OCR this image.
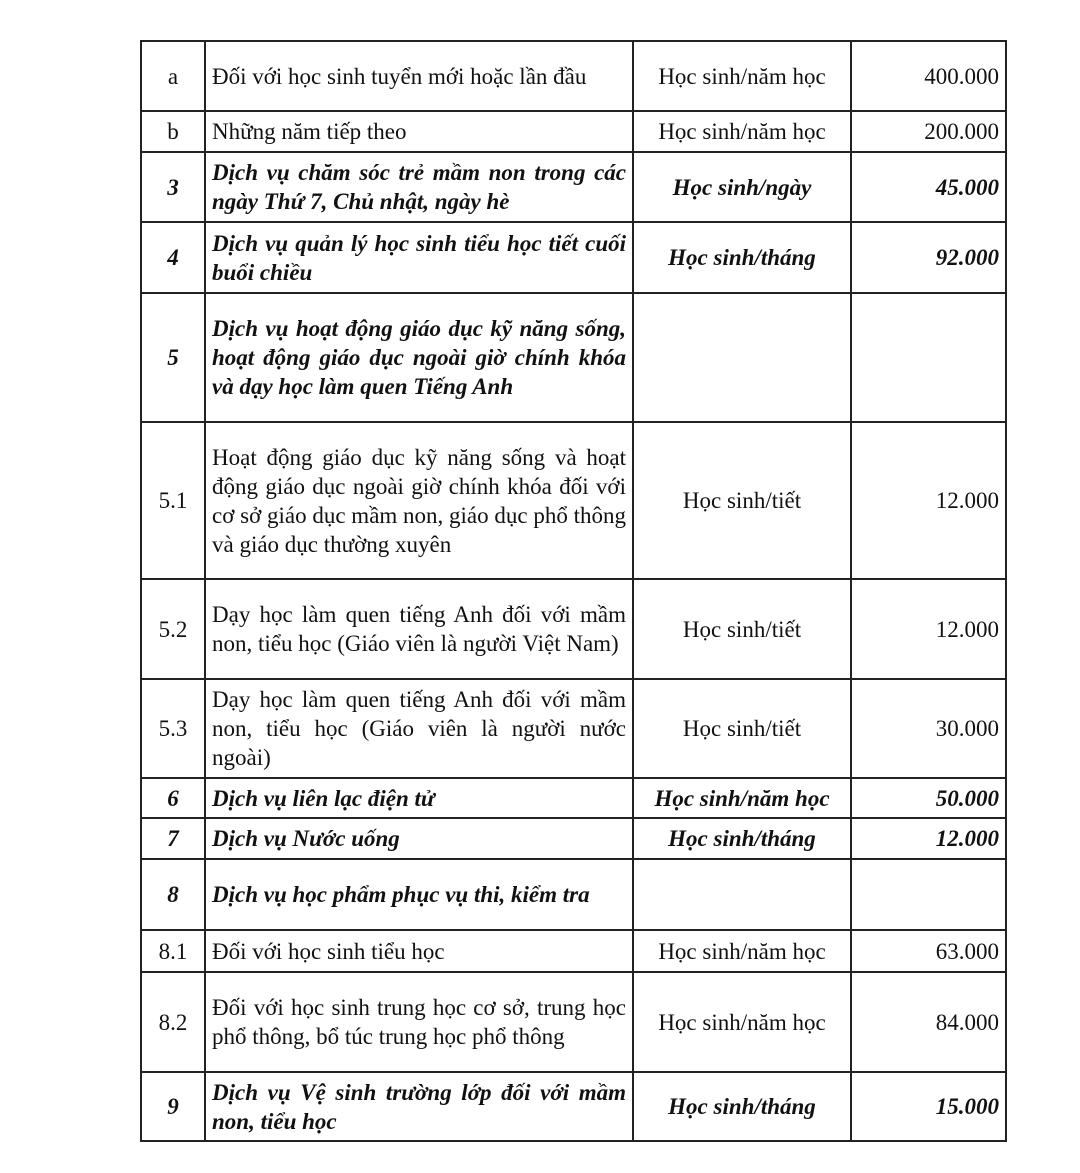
a	Đối với học sinh tuyển mới hoặc lần đầu	Học sinh/năm học	400.000
b	Những năm tiếp theo	Học sinh/năm học	200.000
3	Dịch vụ chăm sóc trẻ mầm non trong các ngày Thứ 7, Chủ nhật, ngày hè	Học sinh/ngày	45.000
4	Dịch vụ quản lý học sinh tiểu học tiết cuối buổi chiều	Học sinh/tháng	92.000
5	Dịch vụ hoạt động giáo dục kỹ năng sống, hoạt động giáo dục ngoài giờ chính khóa và dạy học làm quen Tiếng Anh		
5.1	Hoạt động giáo dục kỹ năng sống và hoạt động giáo dục ngoài giờ chính khóa đối với cơ sở giáo dục mầm non, giáo dục phổ thông và giáo dục thường xuyên	Học sinh/tiết	12.000
5.2	Dạy học làm quen tiếng Anh đối với mầm non, tiểu học (Giáo viên là người Việt Nam)	Học sinh/tiết	12.000
5.3	Dạy học làm quen tiếng Anh đối với mầm non, tiểu học (Giáo viên là người nước ngoài)	Học sinh/tiết	30.000
6	Dịch vụ liên lạc điện tử	Học sinh/năm học	50.000
7	Dịch vụ Nước uống	Học sinh/tháng	12.000
8	Dịch vụ học phẩm phục vụ thi, kiểm tra		
8.1	Đối với học sinh tiểu học	Học sinh/năm học	63.000
8.2	Đối với học sinh trung học cơ sở, trung học phổ thông, bổ túc trung học phổ thông	Học sinh/năm học	84.000
9	Dịch vụ Vệ sinh trường lớp đối với mầm non, tiểu học	Học sinh/tháng	15.000
